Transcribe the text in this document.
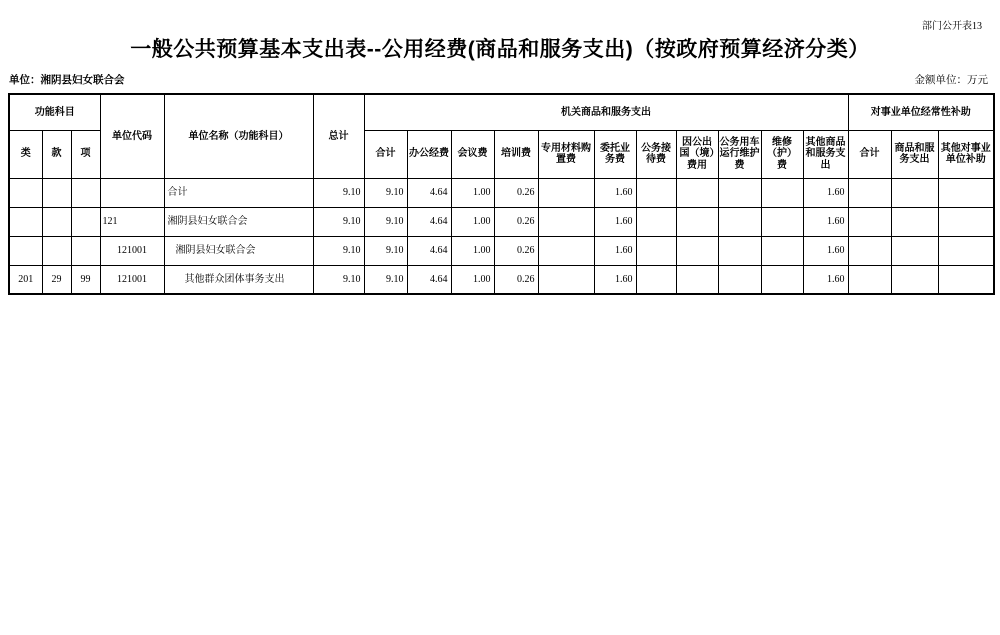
部门公开表13
一般公共预算基本支出表--公用经费(商品和服务支出)（按政府预算经济分类）
单位：湘阴县妇女联合会	金额单位：万元
功能科目			单位代码	单位名称（功能科目）	总计	机关商品和服务支出											对事业单位经常性补助		
类	款	项				合计	办公经费	会议费	培训费	专用材料购置费	委托业务费	公务接待费	因公出国（境）费用	公务用车运行维护费	维修（护）费	其他商品和服务支出	合计	商品和服务支出	其他对事业单位补助
				合计	9.10	9.10	4.64	1.00	0.26		1.60					1.60			
			121	湘阴县妇女联合会	9.10	9.10	4.64	1.00	0.26		1.60					1.60			
			121001	湘阴县妇女联合会	9.10	9.10	4.64	1.00	0.26		1.60					1.60			
201	29	99	121001	其他群众团体事务支出	9.10	9.10	4.64	1.00	0.26		1.60					1.60			
